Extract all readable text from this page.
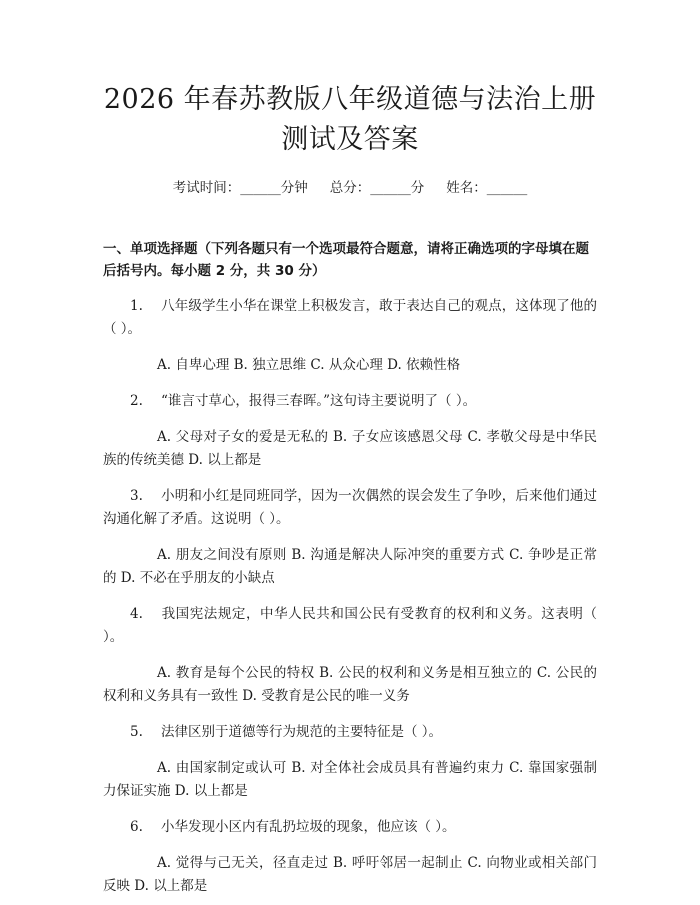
2026 年春苏教版八年级道德与法治上册测试及答案
考试时间：______分钟 总分：______分 姓名：______
一、单项选择题（下列各题只有一个选项最符合题意，请将正确选项的字母填在题后括号内。每小题 2 分，共 30 分）
1. 八年级学生小华在课堂上积极发言，敢于表达自己的观点，这体现了他的（ ）。
A. 自卑心理 B. 独立思维 C. 从众心理 D. 依赖性格
2. “谁言寸草心，报得三春晖。”这句诗主要说明了（ ）。
A. 父母对子女的爱是无私的 B. 子女应该感恩父母 C. 孝敬父母是中华民族的传统美德 D. 以上都是
3. 小明和小红是同班同学，因为一次偶然的误会发生了争吵，后来他们通过沟通化解了矛盾。这说明（ ）。
A. 朋友之间没有原则 B. 沟通是解决人际冲突的重要方式 C. 争吵是正常的 D. 不必在乎朋友的小缺点
4. 我国宪法规定，中华人民共和国公民有受教育的权利和义务。这表明（ ）。
A. 教育是每个公民的特权 B. 公民的权利和义务是相互独立的 C. 公民的权利和义务具有一致性 D. 受教育是公民的唯一义务
5. 法律区别于道德等行为规范的主要特征是（ ）。
A. 由国家制定或认可 B. 对全体社会成员具有普遍约束力 C. 靠国家强制力保证实施 D. 以上都是
6. 小华发现小区内有乱扔垃圾的现象，他应该（ ）。
A. 觉得与己无关，径直走过 B. 呼吁邻居一起制止 C. 向物业或相关部门反映 D. 以上都是
